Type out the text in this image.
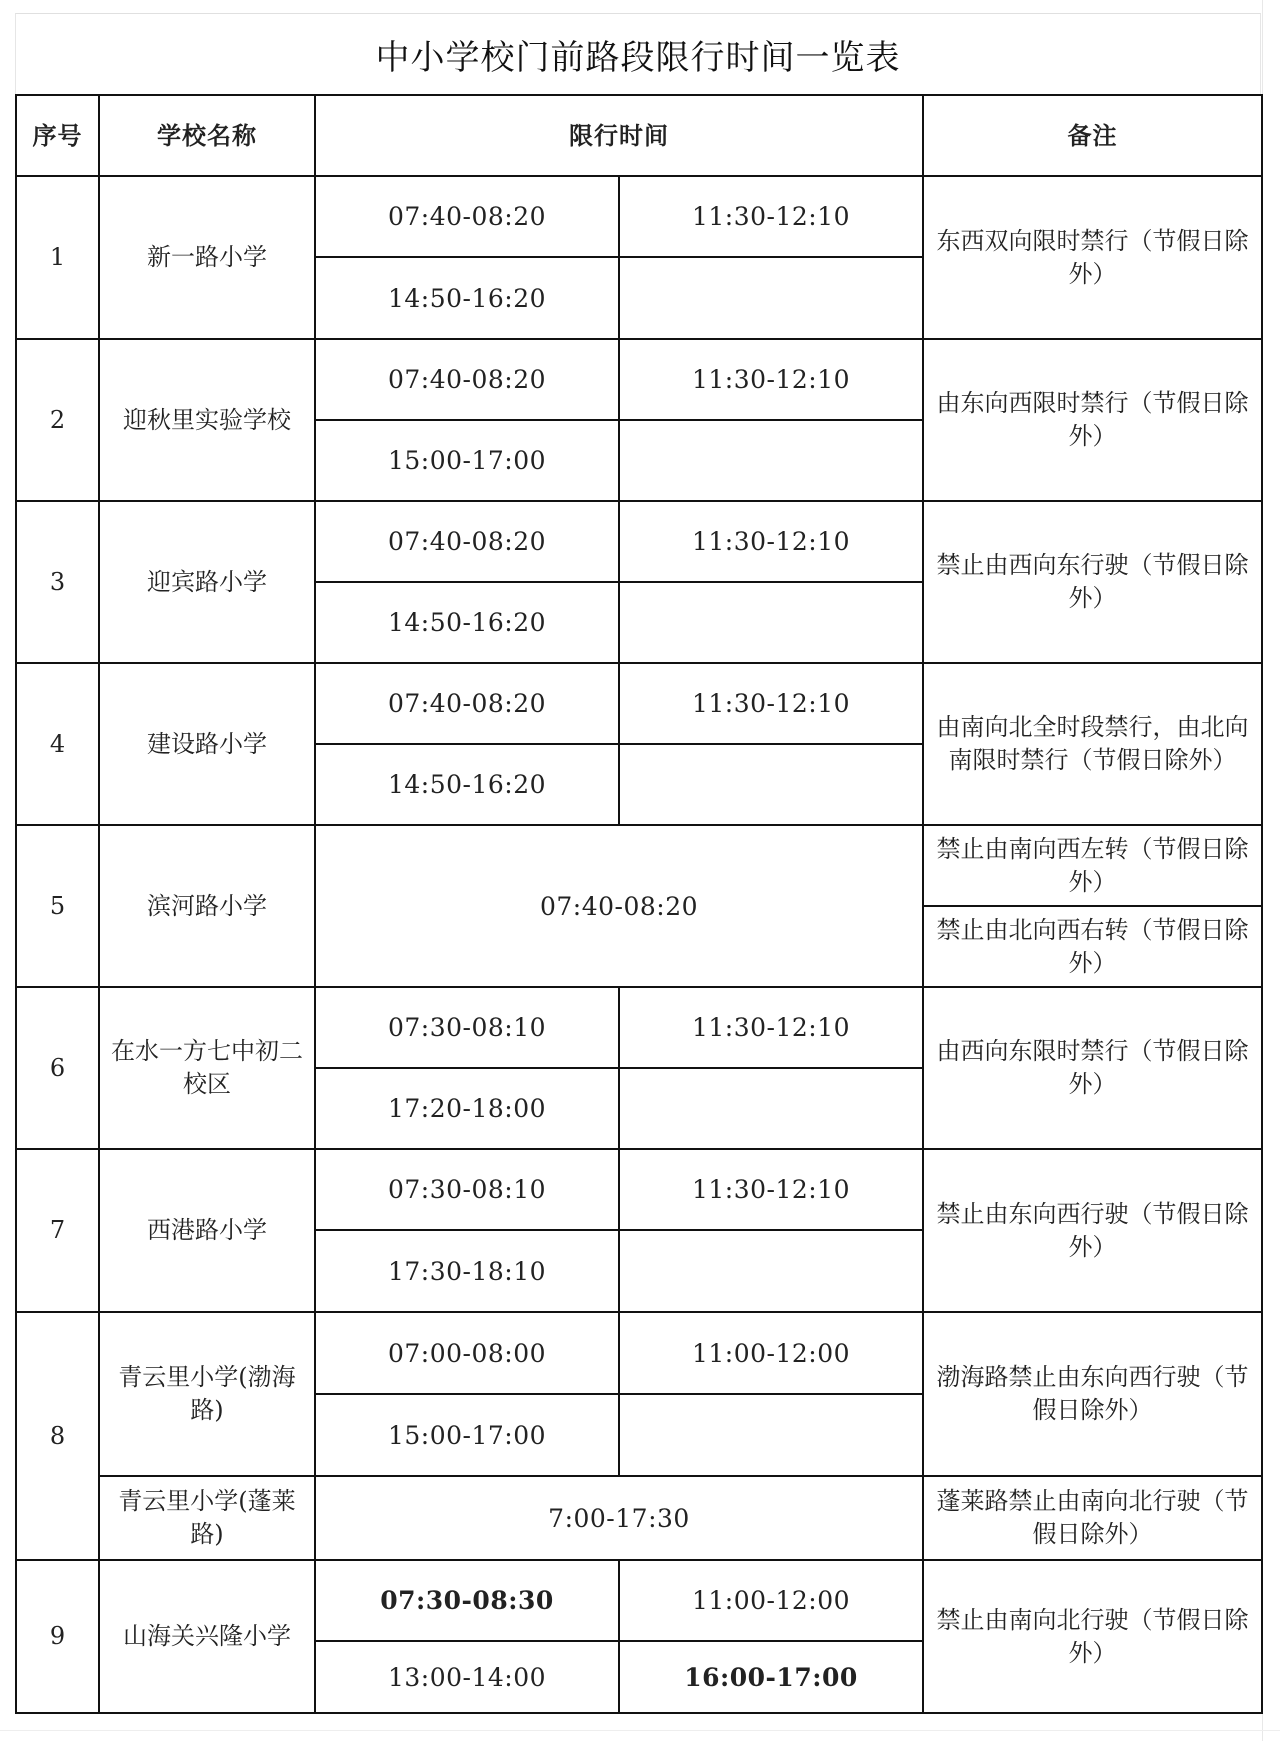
中小学校门前路段限行时间一览表
序号	学校名称	限行时间		备注
1	新一路小学	07:40-08:20	11:30-12:10	东西双向限时禁行（节假日除外）
		14:50-16:20		
2	迎秋里实验学校	07:40-08:20	11:30-12:10	由东向西限时禁行（节假日除外）
		15:00-17:00		
3	迎宾路小学	07:40-08:20	11:30-12:10	禁止由西向东行驶（节假日除外）
		14:50-16:20		
4	建设路小学	07:40-08:20	11:30-12:10	由南向北全时段禁行，由北向南限时禁行（节假日除外）
		14:50-16:20		
5	滨河路小学	07:40-08:20		禁止由南向西左转（节假日除外）
				禁止由北向西右转（节假日除外）
6	在水一方七中初二校区	07:30-08:10	11:30-12:10	由西向东限时禁行（节假日除外）
		17:20-18:00		
7	西港路小学	07:30-08:10	11:30-12:10	禁止由东向西行驶（节假日除外）
		17:30-18:10		
8	青云里小学(渤海路)	07:00-08:00	11:00-12:00	渤海路禁止由东向西行驶（节假日除外）
		15:00-17:00		
	青云里小学(蓬莱路)	7:00-17:30		蓬莱路禁止由南向北行驶（节假日除外）
9	山海关兴隆小学	07:30-08:30	11:00-12:00	禁止由南向北行驶（节假日除外）
		13:00-14:00	16:00-17:00	
